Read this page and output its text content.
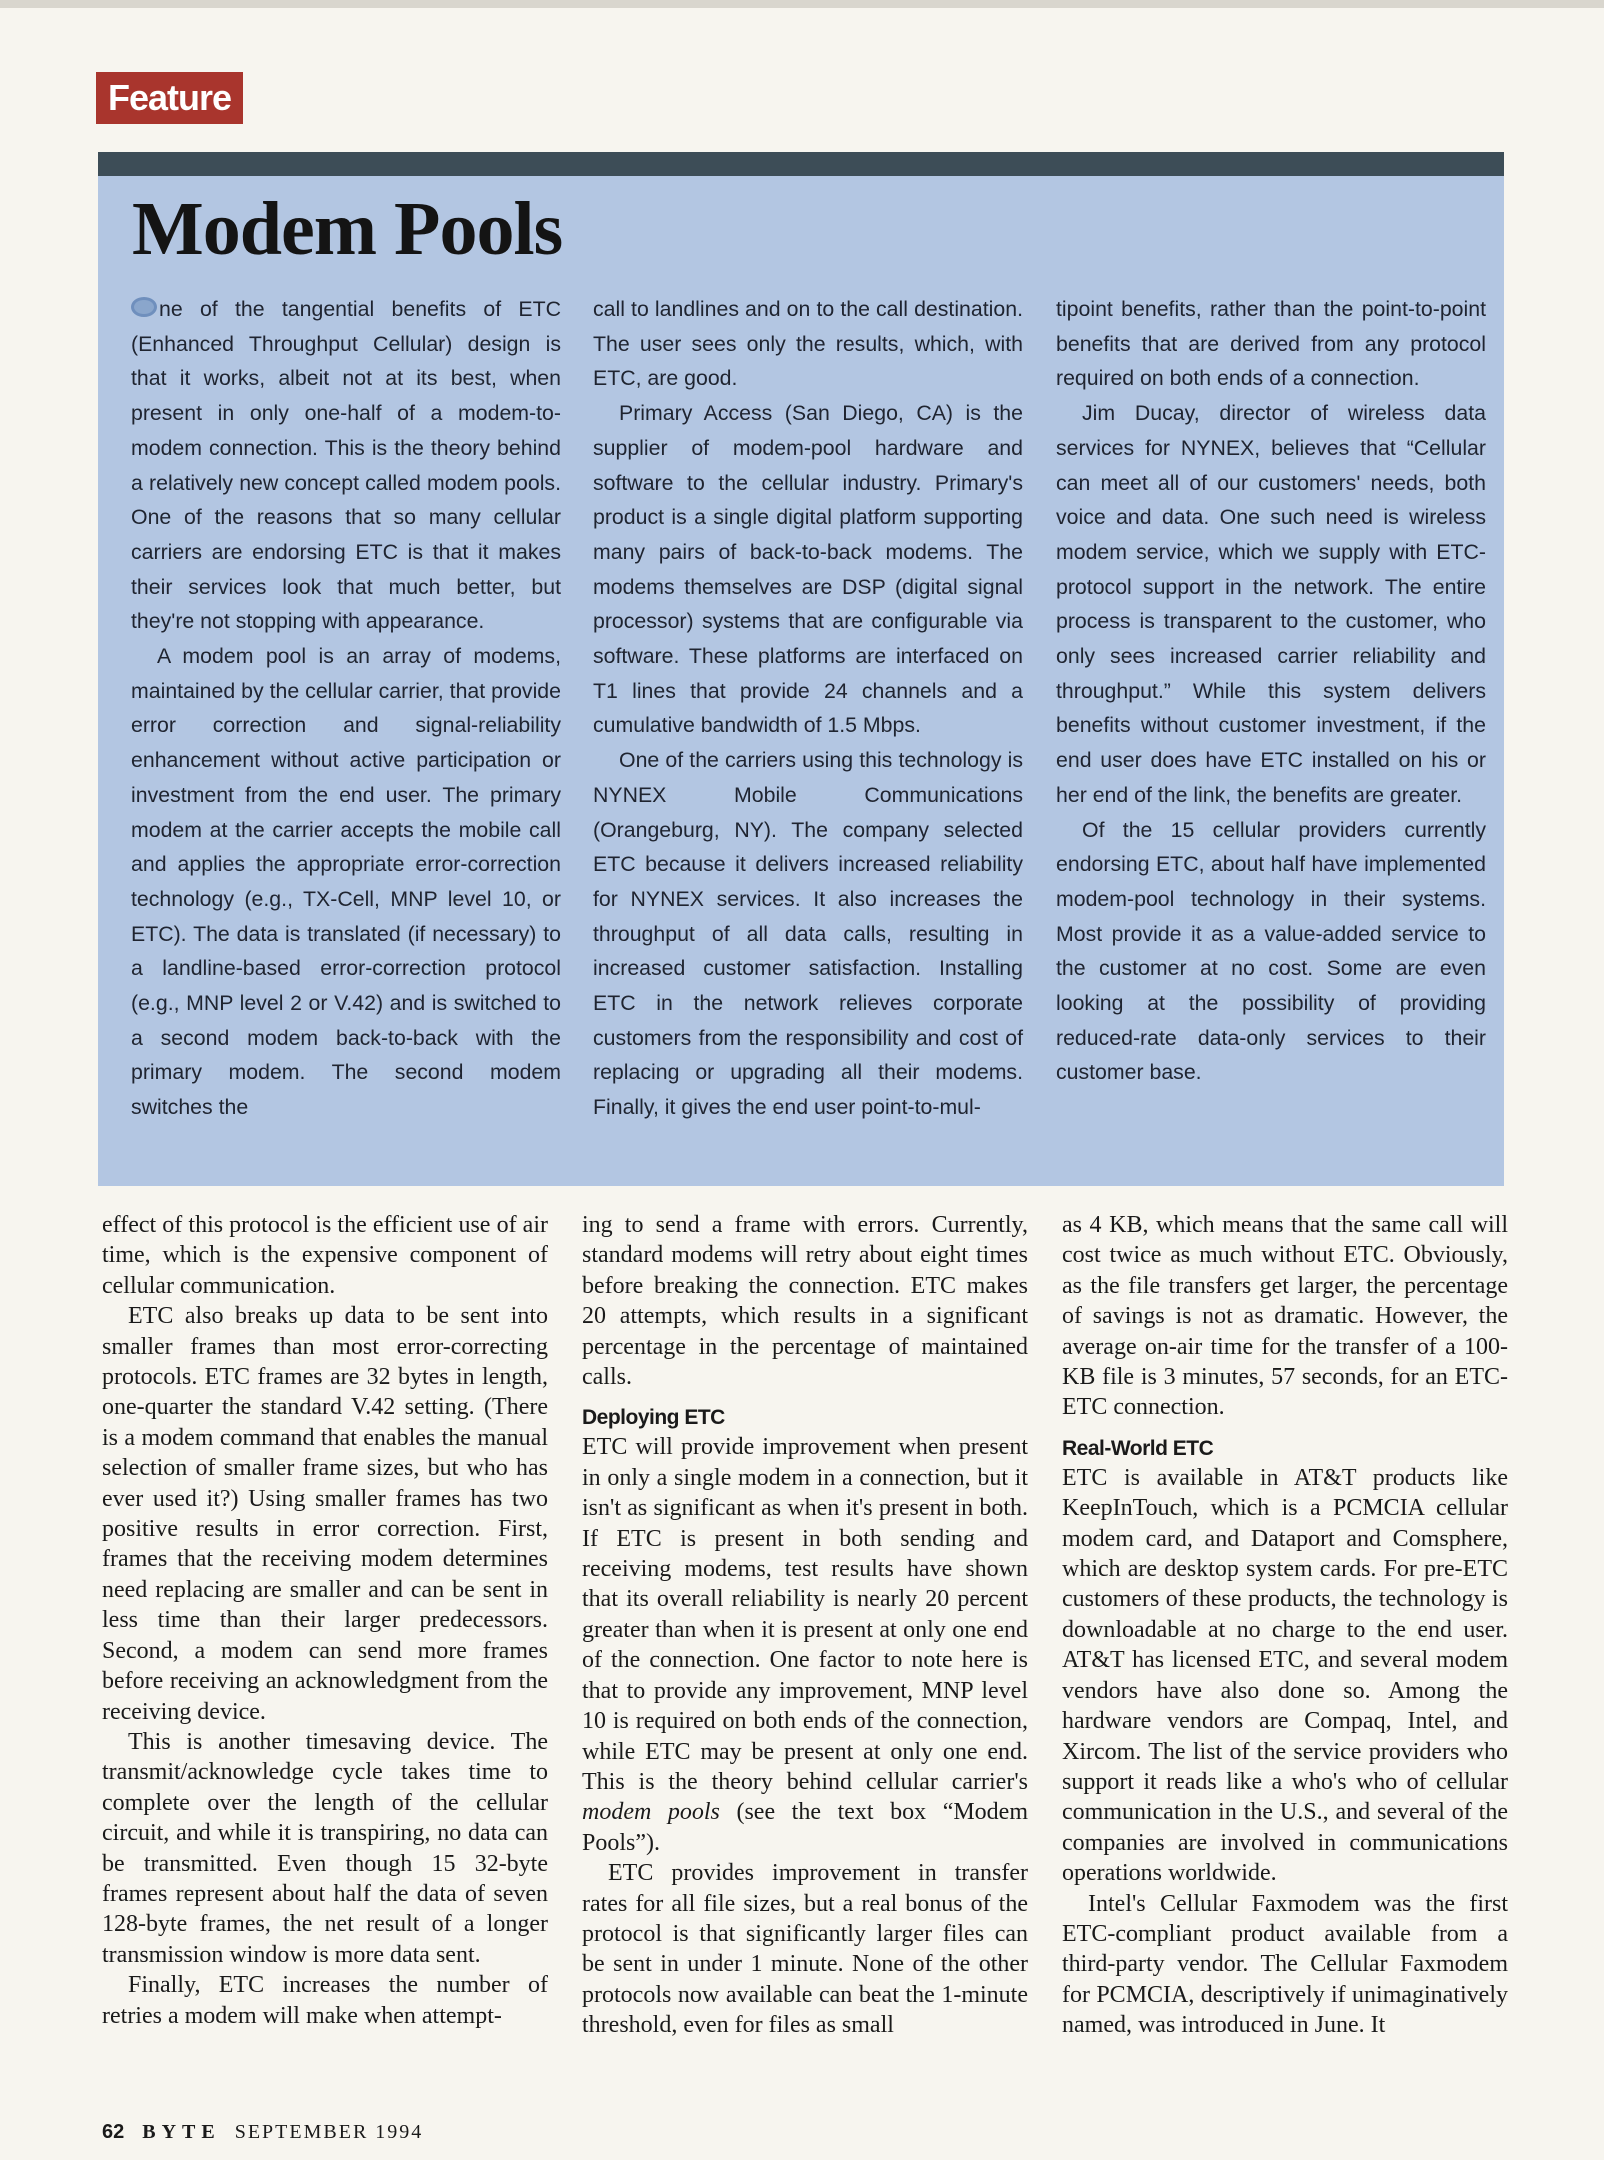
Feature
Modem Pools

ne of the tangential benefits of ETC (Enhanced Throughput Cellular) design is that it works, albeit not at its best, when present in only one-half of a modem-to-modem connection. This is the theory behind a relatively new concept called modem pools. One of the reasons that so many cellular carriers are endorsing ETC is that it makes their services look that much better, but they're not stopping with appearance.

A modem pool is an array of modems, maintained by the cellular carrier, that provide error correction and signal-reliability enhancement without active participation or investment from the end user. The primary modem at the carrier accepts the mobile call and applies the appropriate error-correction technology (e.g., TX-Cell, MNP level 10, or ETC). The data is translated (if necessary) to a landline-based error-correction protocol (e.g., MNP level 2 or V.42) and is switched to a second modem back-to-back with the primary modem. The second modem switches the

call to landlines and on to the call destination. The user sees only the results, which, with ETC, are good.

Primary Access (San Diego, CA) is the supplier of modem-pool hardware and software to the cellular industry. Primary's product is a single digital platform supporting many pairs of back-to-back modems. The modems themselves are DSP (digital signal processor) systems that are configurable via software. These platforms are interfaced on T1 lines that provide 24 channels and a cumulative bandwidth of 1.5 Mbps.

One of the carriers using this technology is NYNEX Mobile Communications (Orangeburg, NY). The company selected ETC because it delivers increased reliability for NYNEX services. It also increases the throughput of all data calls, resulting in increased customer satisfaction. Installing ETC in the network relieves corporate customers from the responsibility and cost of replacing or upgrading all their modems. Finally, it gives the end user point-to-mul-

tipoint benefits, rather than the point-to-point benefits that are derived from any protocol required on both ends of a connection.

Jim Ducay, director of wireless data services for NYNEX, believes that “Cellular can meet all of our customers' needs, both voice and data. One such need is wireless modem service, which we supply with ETC-protocol support in the network. The entire process is transparent to the customer, who only sees increased carrier reliability and throughput.” While this system delivers benefits without customer investment, if the end user does have ETC installed on his or her end of the link, the benefits are greater.

Of the 15 cellular providers currently endorsing ETC, about half have implemented modem-pool technology in their systems. Most provide it as a value-added service to the customer at no cost. Some are even looking at the possibility of providing reduced-rate data-only services to their customer base.

effect of this protocol is the efficient use of air time, which is the expensive component of cellular communication.

ETC also breaks up data to be sent into smaller frames than most error-correcting protocols. ETC frames are 32 bytes in length, one-quarter the standard V.42 setting. (There is a modem command that enables the manual selection of smaller frame sizes, but who has ever used it?) Using smaller frames has two positive results in error correction. First, frames that the receiving modem determines need replacing are smaller and can be sent in less time than their larger predecessors. Second, a modem can send more frames before receiving an acknowledgment from the receiving device.

This is another timesaving device. The transmit/acknowledge cycle takes time to complete over the length of the cellular circuit, and while it is transpiring, no data can be transmitted. Even though 15 32-byte frames represent about half the data of seven 128-byte frames, the net result of a longer transmission window is more data sent.

Finally, ETC increases the number of retries a modem will make when attempt-

ing to send a frame with errors. Currently, standard modems will retry about eight times before breaking the connection. ETC makes 20 attempts, which results in a significant percentage in the percentage of maintained calls.

Deploying ETC

ETC will provide improvement when present in only a single modem in a connection, but it isn't as significant as when it's present in both. If ETC is present in both sending and receiving modems, test results have shown that its overall reliability is nearly 20 percent greater than when it is present at only one end of the connection. One factor to note here is that to provide any improvement, MNP level 10 is required on both ends of the connection, while ETC may be present at only one end. This is the theory behind cellular carrier's modem pools (see the text box “Modem Pools”).

ETC provides improvement in transfer rates for all file sizes, but a real bonus of the protocol is that significantly larger files can be sent in under 1 minute. None of the other protocols now available can beat the 1-minute threshold, even for files as small

as 4 KB, which means that the same call will cost twice as much without ETC. Obviously, as the file transfers get larger, the percentage of savings is not as dramatic. However, the average on-air time for the transfer of a 100-KB file is 3 minutes, 57 seconds, for an ETC-ETC connection.

Real-World ETC

ETC is available in AT&T products like KeepInTouch, which is a PCMCIA cellular modem card, and Dataport and Comsphere, which are desktop system cards. For pre-ETC customers of these products, the technology is downloadable at no charge to the end user. AT&T has licensed ETC, and several modem vendors have also done so. Among the hardware vendors are Compaq, Intel, and Xircom. The list of the service providers who support it reads like a who's who of cellular communication in the U.S., and several of the companies are involved in communications operations worldwide.

Intel's Cellular Faxmodem was the first ETC-compliant product available from a third-party vendor. The Cellular Faxmodem for PCMCIA, descriptively if unimaginatively named, was introduced in June. It

62 BYTE SEPTEMBER 1994
